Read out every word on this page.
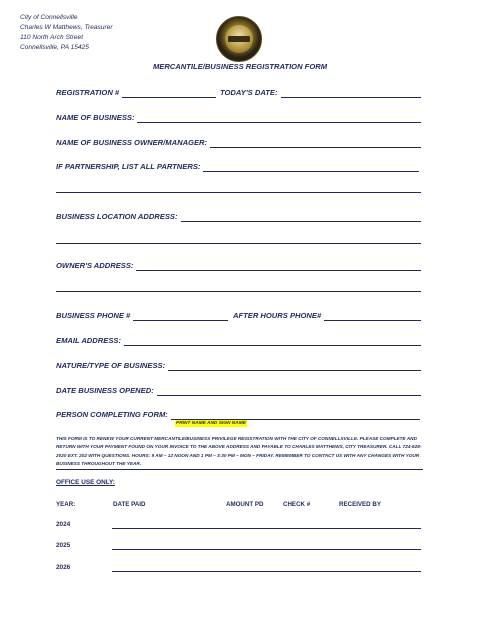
City of Connellsville
Charles W Matthews, Treasurer
110 North Arch Street
Connellsville, PA 15425
MERCANTILE/BUSINESS REGISTRATION FORM
REGISTRATION #	TODAY'S DATE:
NAME OF BUSINESS:
NAME OF BUSINESS OWNER/MANAGER:
IF PARTNERSHIP, LIST ALL PARTNERS:
BUSINESS LOCATION ADDRESS:
OWNER'S ADDRESS:
BUSINESS PHONE #	AFTER HOURS PHONE#
EMAIL ADDRESS:
NATURE/TYPE OF BUSINESS:
DATE BUSINESS OPENED:
PERSON COMPLETING FORM:
PRINT NAME AND SIGN NAME
THIS FORM IS TO RENEW YOUR CURRENT MERCANTILE/BUSINESS PRIVILEGE REGISTRATION WITH THE CITY OF CONNELLSVILLE. PLEASE COMPLETE AND RETURN WITH YOUR PAYMENT FOUND ON YOUR INVOICE TO THE ABOVE ADDRESS AND PAYABLE TO CHARLES MATTHEWS, CITY TREASURER. CALL 724-628-2020 EXT. 202 WITH QUESTIONS. HOURS: 9 AM – 12 NOON AND 1 PM – 3:30 PM – MON – FRIDAY. REMEMBER TO CONTACT US WITH ANY CHANGES WITH YOUR BUSINESS THROUGHOUT THE YEAR.
OFFICE USE ONLY:
YEAR:	DATE PAID	AMOUNT PD	CHECK #	RECEIVED BY
2024
2025
2026
